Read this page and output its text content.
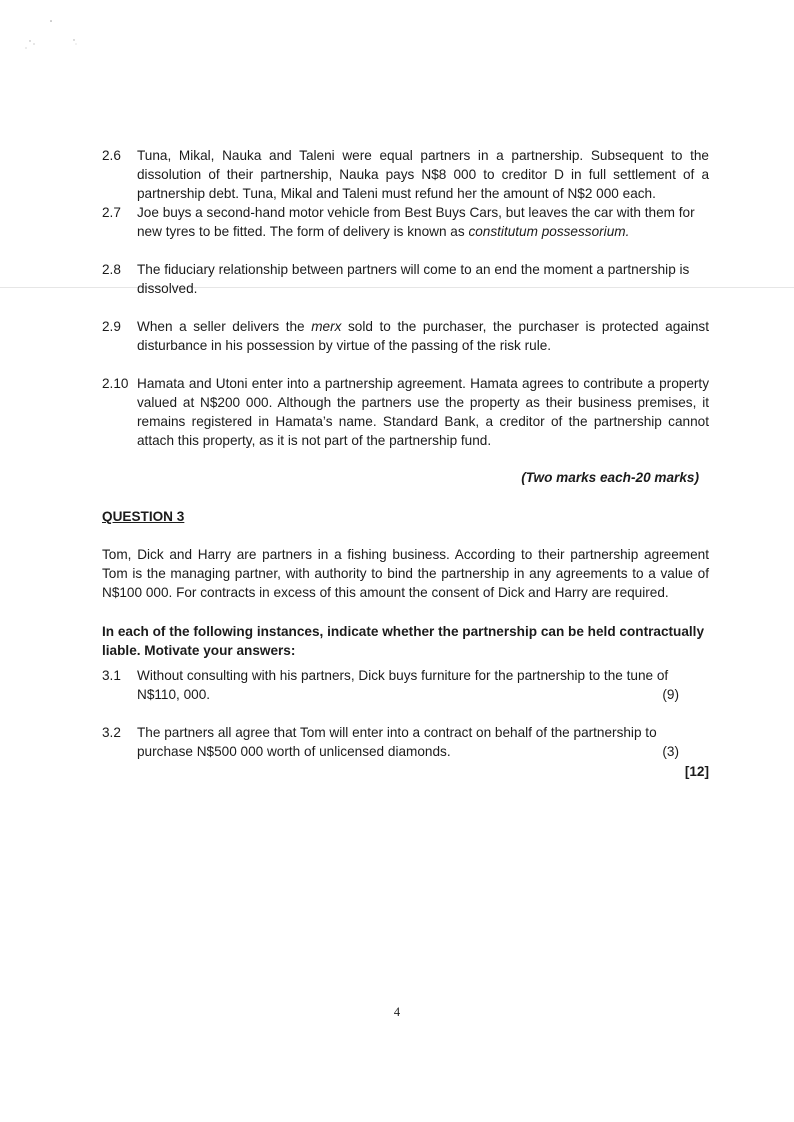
2.6	Tuna, Mikal, Nauka and Taleni were equal partners in a partnership. Subsequent to the dissolution of their partnership, Nauka pays N$8 000 to creditor D in full settlement of a partnership debt. Tuna, Mikal and Taleni must refund her the amount of N$2 000 each.

2.7	Joe buys a second-hand motor vehicle from Best Buys Cars, but leaves the car with them for new tyres to be fitted. The form of delivery is known as constitutum possessorium.

2.8	The fiduciary relationship between partners will come to an end the moment a partnership is dissolved.

2.9	When a seller delivers the merx sold to the purchaser, the purchaser is protected against disturbance in his possession by virtue of the passing of the risk rule.

2.10 Hamata and Utoni enter into a partnership agreement. Hamata agrees to contribute a property valued at N$200 000. Although the partners use the property as their business premises, it remains registered in Hamata’s name. Standard Bank, a creditor of the partnership cannot attach this property, as it is not part of the partnership fund.

(Two marks each-20 marks)
QUESTION 3

Tom, Dick and Harry are partners in a fishing business. According to their partnership agreement Tom is the managing partner, with authority to bind the partnership in any agreements to a value of N$100 000. For contracts in excess of this amount the consent of Dick and Harry are required.

In each of the following instances, indicate whether the partnership can be held contractually liable. Motivate your answers:

3.1	Without consulting with his partners, Dick buys furniture for the partnership to the tune of
N$110, 000.	(9)
3.2	The partners all agree that Tom will enter into a contract on behalf of the partnership to
purchase N$500 000 worth of unlicensed diamonds.	(3)
[12]
4
